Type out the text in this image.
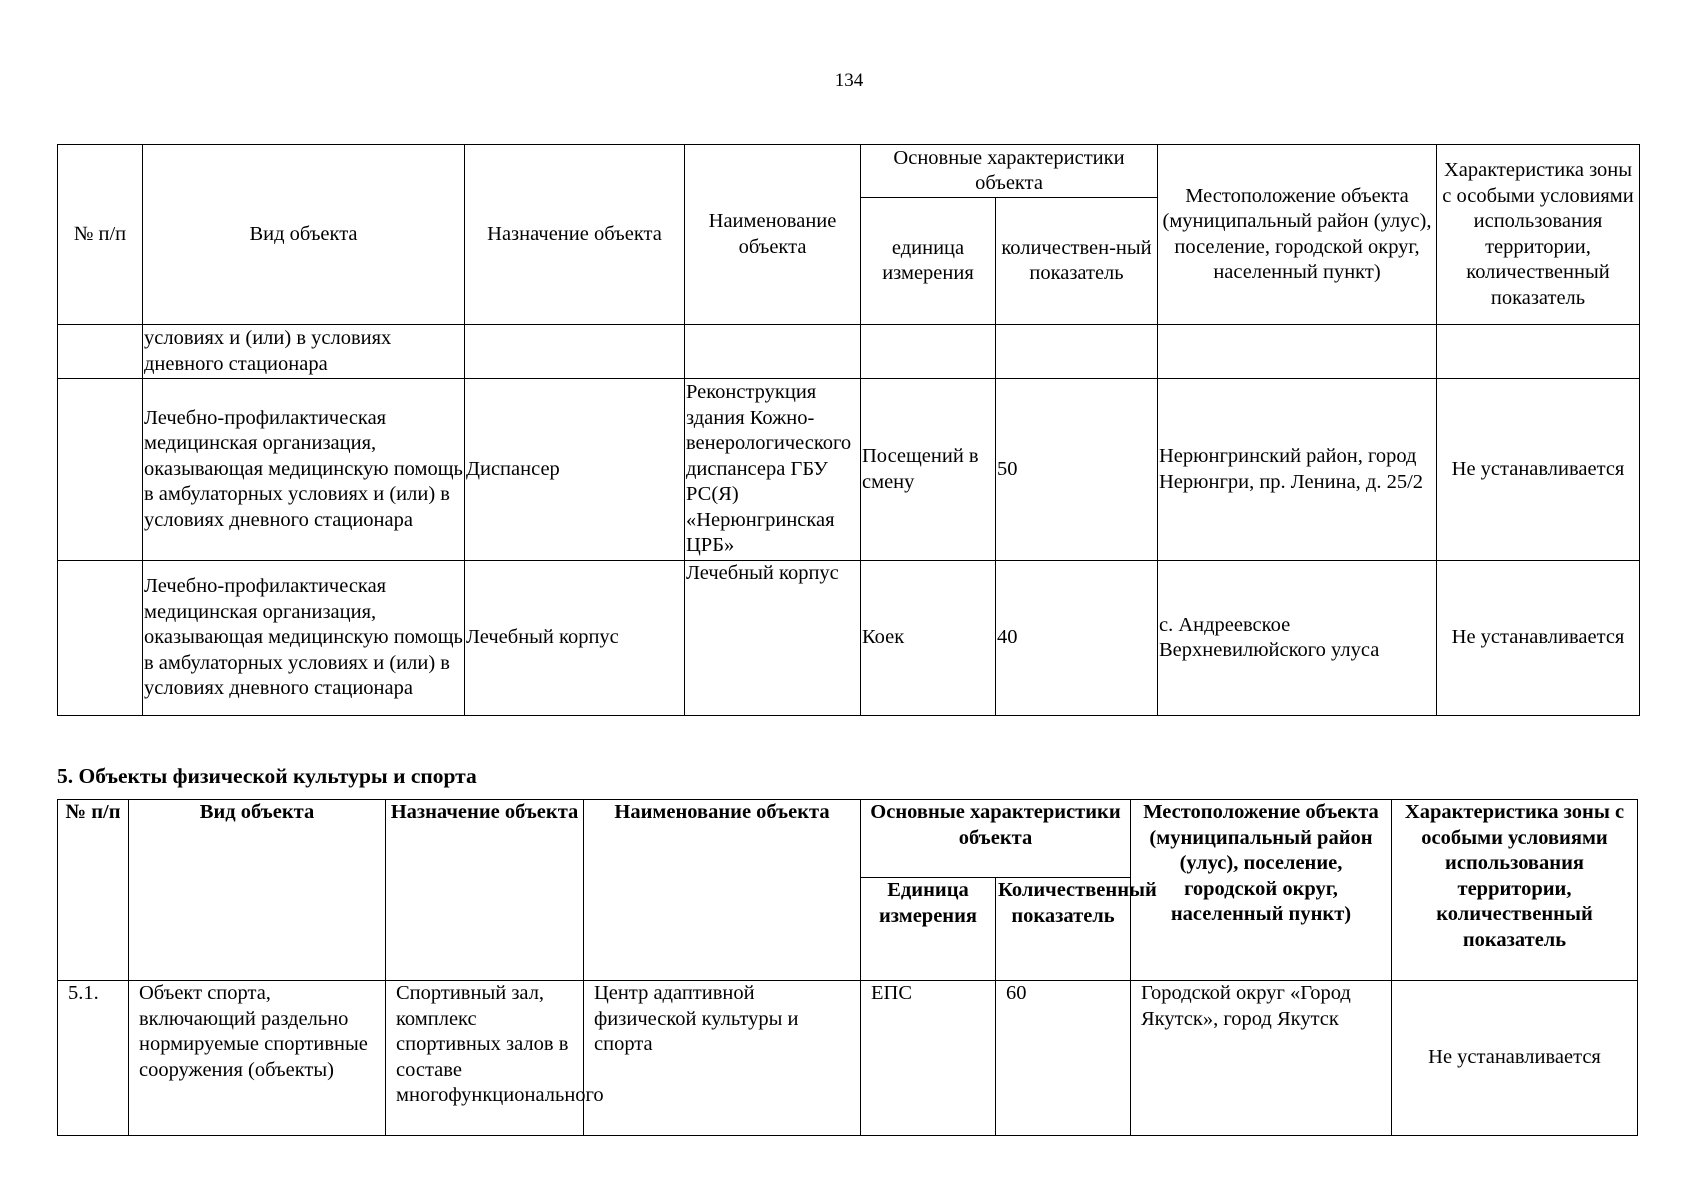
134
№ п/п	Вид объекта	Назначение объекта	Наименование объекта	Основные характеристики объекта		Местоположение объекта (муниципальный район (улус), поселение, городской округ, населенный пункт)	Характеристика зоны с особыми условиями использования территории, количественный показатель
				единица измерения	количествен-ный показатель		
	условиях и (или) в условиях дневного стационара						
	Лечебно-профилактическая медицинская организация, оказывающая медицинскую помощь в амбулаторных условиях и (или) в условиях дневного стационара	Диспансер	Реконструкция здания Кожно-венерологического диспансера ГБУ РС(Я) «Нерюнгринская ЦРБ»	Посещений в смену	50	Нерюнгринский район, город Нерюнгри, пр. Ленина, д. 25/2	Не устанавливается
	Лечебно-профилактическая медицинская организация, оказывающая медицинскую помощь в амбулаторных условиях и (или) в условиях дневного стационара	Лечебный корпус	Лечебный корпус	Коек	40	с. Андреевское Верхневилюйского улуса	Не устанавливается
5. Объекты физической культуры и спорта
№ п/п	Вид объекта	Назначение объекта	Наименование объекта	Основные характеристики объекта		Местоположение объекта (муниципальный район (улус), поселение, городской округ, населенный пункт)	Характеристика зоны с особыми условиями использования территории, количественный показатель
				Единица измерения	Количественный показатель		
5.1.	Объект спорта, включающий раздельно нормируемые спортивные сооружения (объекты)	Спортивный зал, комплекс спортивных залов в составе многофункционального	Центр адаптивной физической культуры и спорта	ЕПС	60	Городской округ «Город Якутск», город Якутск	Не устанавливается
